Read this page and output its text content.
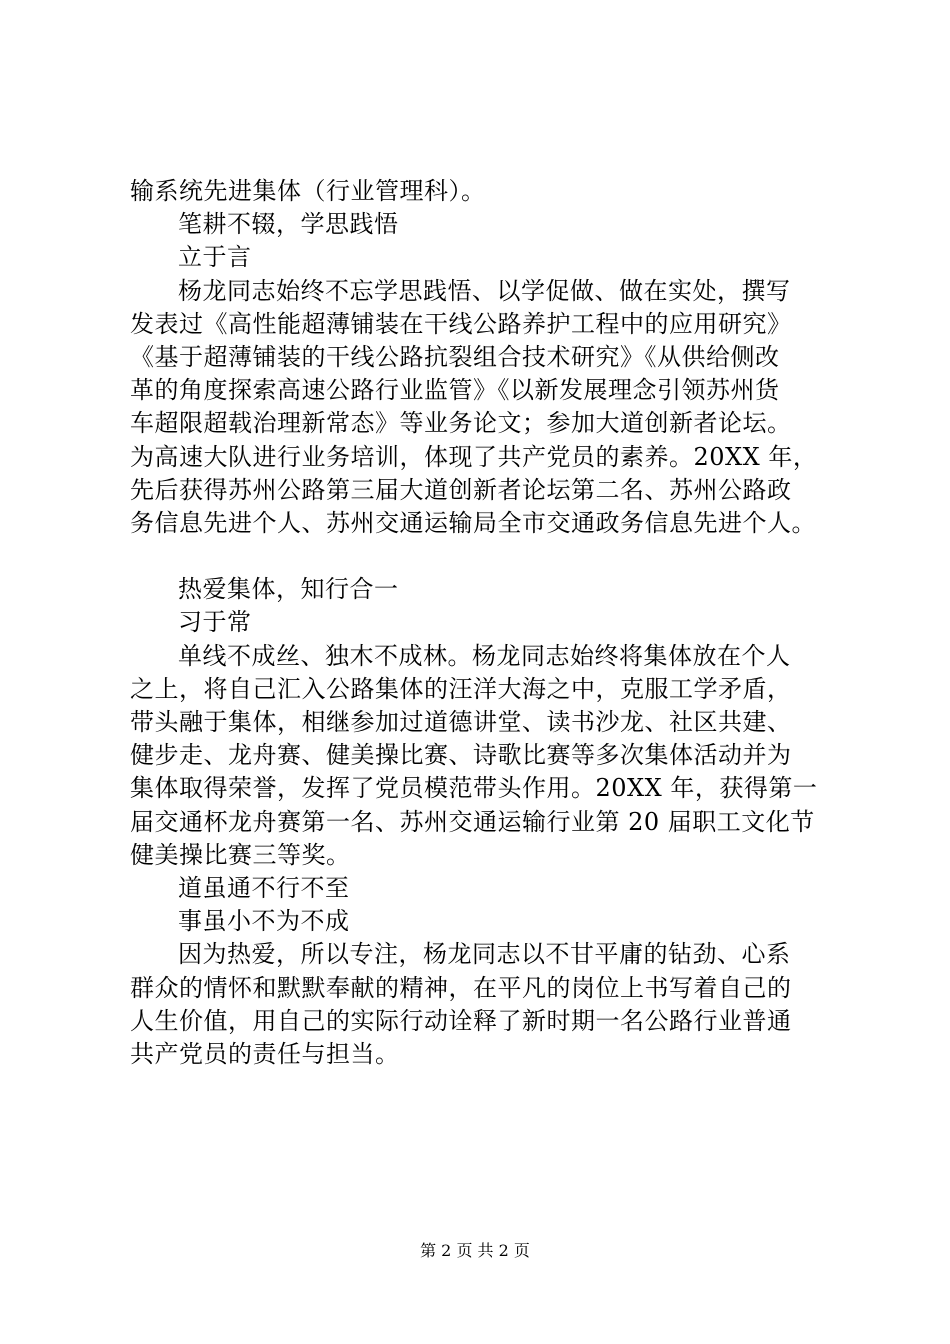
输系统先进集体（行业管理科）。
笔耕不辍，学思践悟
立于言
杨龙同志始终不忘学思践悟、以学促做、做在实处，撰写
发表过《高性能超薄铺装在干线公路养护工程中的应用研究》
《基于超薄铺装的干线公路抗裂组合技术研究》《从供给侧改
革的角度探索高速公路行业监管》《以新发展理念引领苏州货
车超限超载治理新常态》等业务论文；参加大道创新者论坛。
为高速大队进行业务培训，体现了共产党员的素养。20XX 年，
先后获得苏州公路第三届大道创新者论坛第二名、苏州公路政
务信息先进个人、苏州交通运输局全市交通政务信息先进个人。
热爱集体，知行合一
习于常
单线不成丝、独木不成林。杨龙同志始终将集体放在个人
之上，将自己汇入公路集体的汪洋大海之中，克服工学矛盾，
带头融于集体，相继参加过道德讲堂、读书沙龙、社区共建、
健步走、龙舟赛、健美操比赛、诗歌比赛等多次集体活动并为
集体取得荣誉，发挥了党员模范带头作用。20XX 年，获得第一
届交通杯龙舟赛第一名、苏州交通运输行业第 20 届职工文化节
健美操比赛三等奖。
道虽通不行不至
事虽小不为不成
因为热爱，所以专注，杨龙同志以不甘平庸的钻劲、心系
群众的情怀和默默奉献的精神，在平凡的岗位上书写着自己的
人生价值，用自己的实际行动诠释了新时期一名公路行业普通
共产党员的责任与担当。
第 2 页 共 2 页
